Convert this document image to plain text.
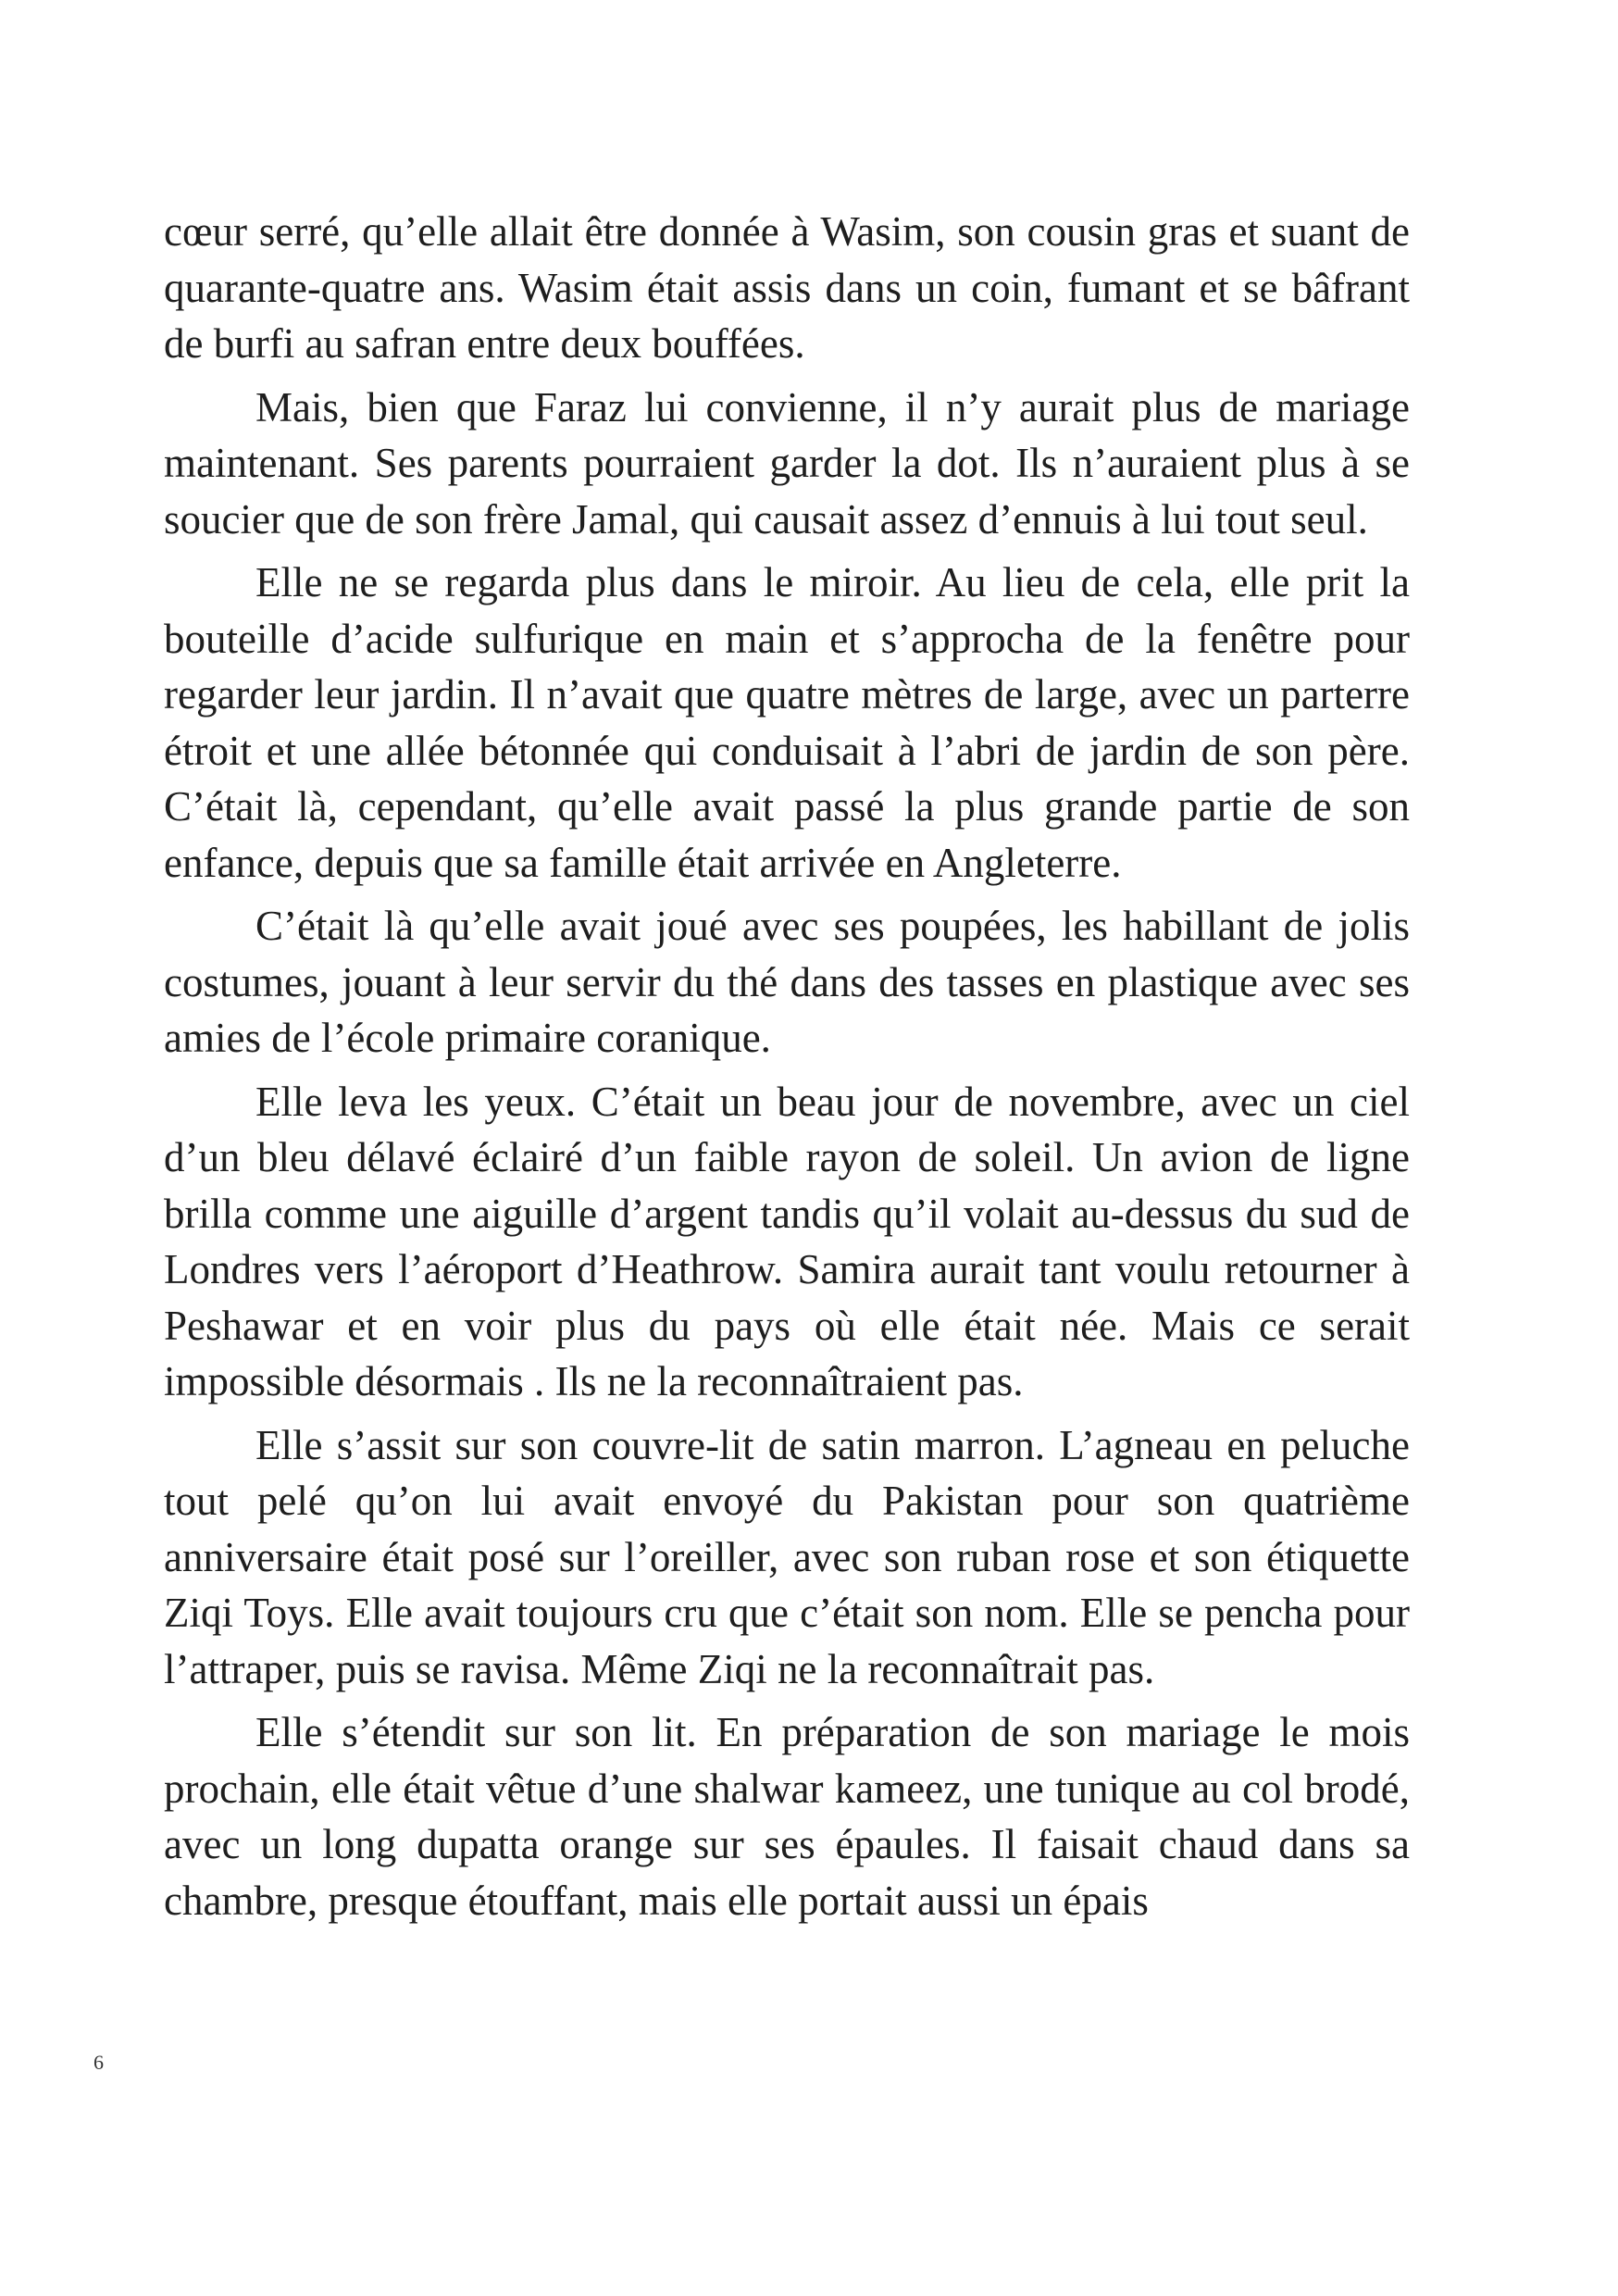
cœur serré, qu’elle allait être donnée à Wasim, son cousin gras et suant de quarante-quatre ans. Wasim était assis dans un coin, fumant et se bâfrant de burfi au safran entre deux bouffées.

Mais, bien que Faraz lui convienne, il n’y aurait plus de mariage maintenant. Ses parents pourraient garder la dot. Ils n’auraient plus à se soucier que de son frère Jamal, qui causait assez d’ennuis à lui tout seul.

Elle ne se regarda plus dans le miroir. Au lieu de cela, elle prit la bouteille d’acide sulfurique en main et s’approcha de la fenêtre pour regarder leur jardin. Il n’avait que quatre mètres de large, avec un parterre étroit et une allée bétonnée qui conduisait à l’abri de jardin de son père. C’était là, cependant, qu’elle avait passé la plus grande partie de son enfance, depuis que sa famille était arrivée en Angleterre.

C’était là qu’elle avait joué avec ses poupées, les habillant de jolis costumes, jouant à leur servir du thé dans des tasses en plastique avec ses amies de l’école primaire coranique.

Elle leva les yeux. C’était un beau jour de novembre, avec un ciel d’un bleu délavé éclairé d’un faible rayon de soleil. Un avion de ligne brilla comme une aiguille d’argent tandis qu’il volait au-dessus du sud de Londres vers l’aéroport d’Heathrow. Samira aurait tant voulu retourner à Peshawar et en voir plus du pays où elle était née. Mais ce serait impossible désormais . Ils ne la reconnaîtraient pas.

Elle s’assit sur son couvre-lit de satin marron. L’agneau en peluche tout pelé qu’on lui avait envoyé du Pakistan pour son quatrième anniversaire était posé sur l’oreiller, avec son ruban rose et son étiquette Ziqi Toys. Elle avait toujours cru que c’était son nom. Elle se pencha pour l’attraper, puis se ravisa. Même Ziqi ne la reconnaîtrait pas.

Elle s’étendit sur son lit. En préparation de son mariage le mois prochain, elle était vêtue d’une shalwar kameez, une tunique au col brodé, avec un long dupatta orange sur ses épaules. Il faisait chaud dans sa chambre, presque étouffant, mais elle portait aussi un épais

6
